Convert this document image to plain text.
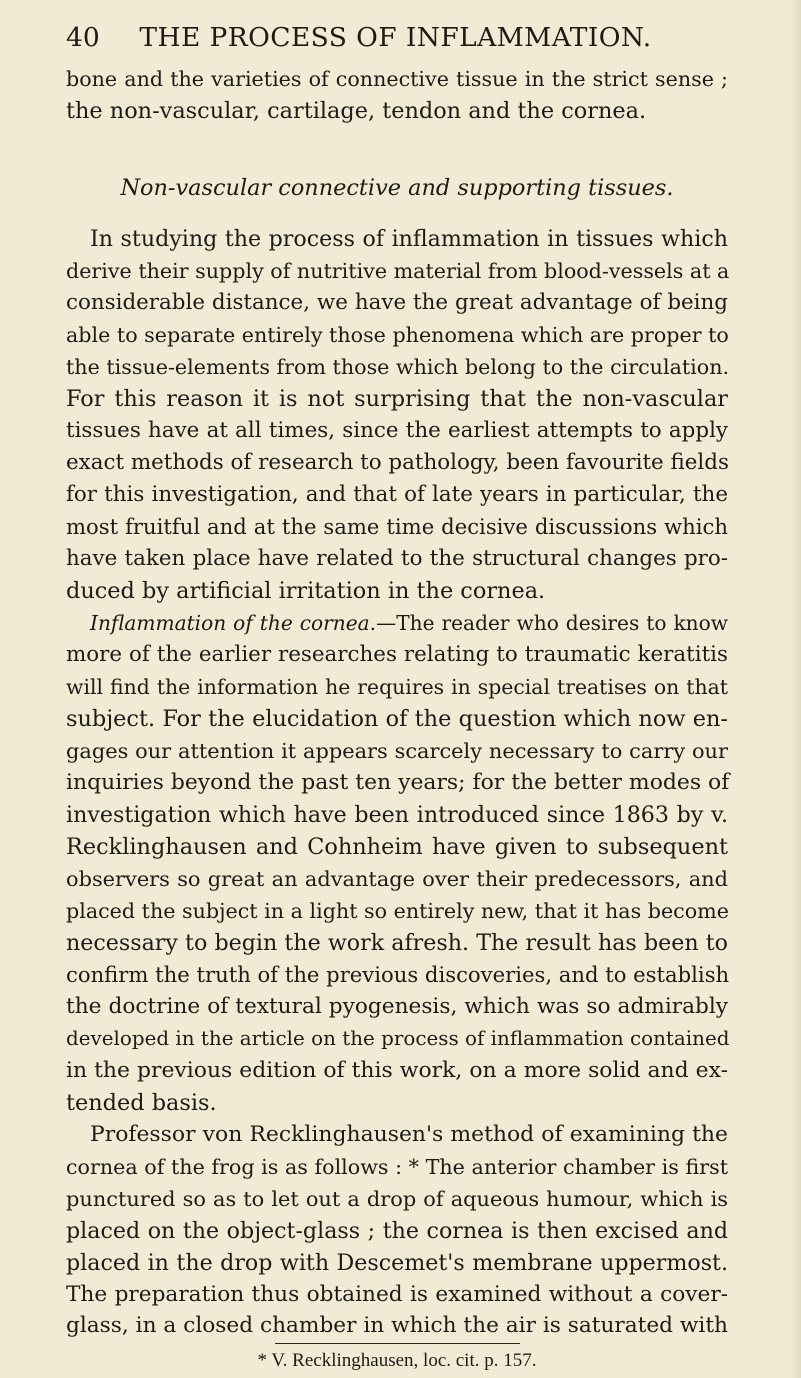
40	THE PROCESS OF INFLAMMATION.
bone and the varieties of connective tissue in the strict sense ;
the non-vascular, cartilage, tendon and the cornea.
Non-vascular connective and supporting tissues.
In studying the process of inflammation in tissues which
derive their supply of nutritive material from blood-vessels at a
considerable distance, we have the great advantage of being
able to separate entirely those phenomena which are proper to
the tissue-elements from those which belong to the circulation.
For this reason it is not surprising that the non-vascular
tissues have at all times, since the earliest attempts to apply
exact methods of research to pathology, been favourite fields
for this investigation, and that of late years in particular, the
most fruitful and at the same time decisive discussions which
have taken place have related to the structural changes pro-
duced by artificial irritation in the cornea.
Inflammation of the cornea.—The reader who desires to know
more of the earlier researches relating to traumatic keratitis
will find the information he requires in special treatises on that
subject. For the elucidation of the question which now en-
gages our attention it appears scarcely necessary to carry our
inquiries beyond the past ten years; for the better modes of
investigation which have been introduced since 1863 by v.
Recklinghausen and Cohnheim have given to subsequent
observers so great an advantage over their predecessors, and
placed the subject in a light so entirely new, that it has become
necessary to begin the work afresh. The result has been to
confirm the truth of the previous discoveries, and to establish
the doctrine of textural pyogenesis, which was so admirably
developed in the article on the process of inflammation contained
in the previous edition of this work, on a more solid and ex-
tended basis.
Professor von Recklinghausen's method of examining the
cornea of the frog is as follows : * The anterior chamber is first
punctured so as to let out a drop of aqueous humour, which is
placed on the object-glass ; the cornea is then excised and
placed in the drop with Descemet's membrane uppermost.
The preparation thus obtained is examined without a cover-
glass, in a closed chamber in which the air is saturated with
* V. Recklinghausen, loc. cit. p. 157.
